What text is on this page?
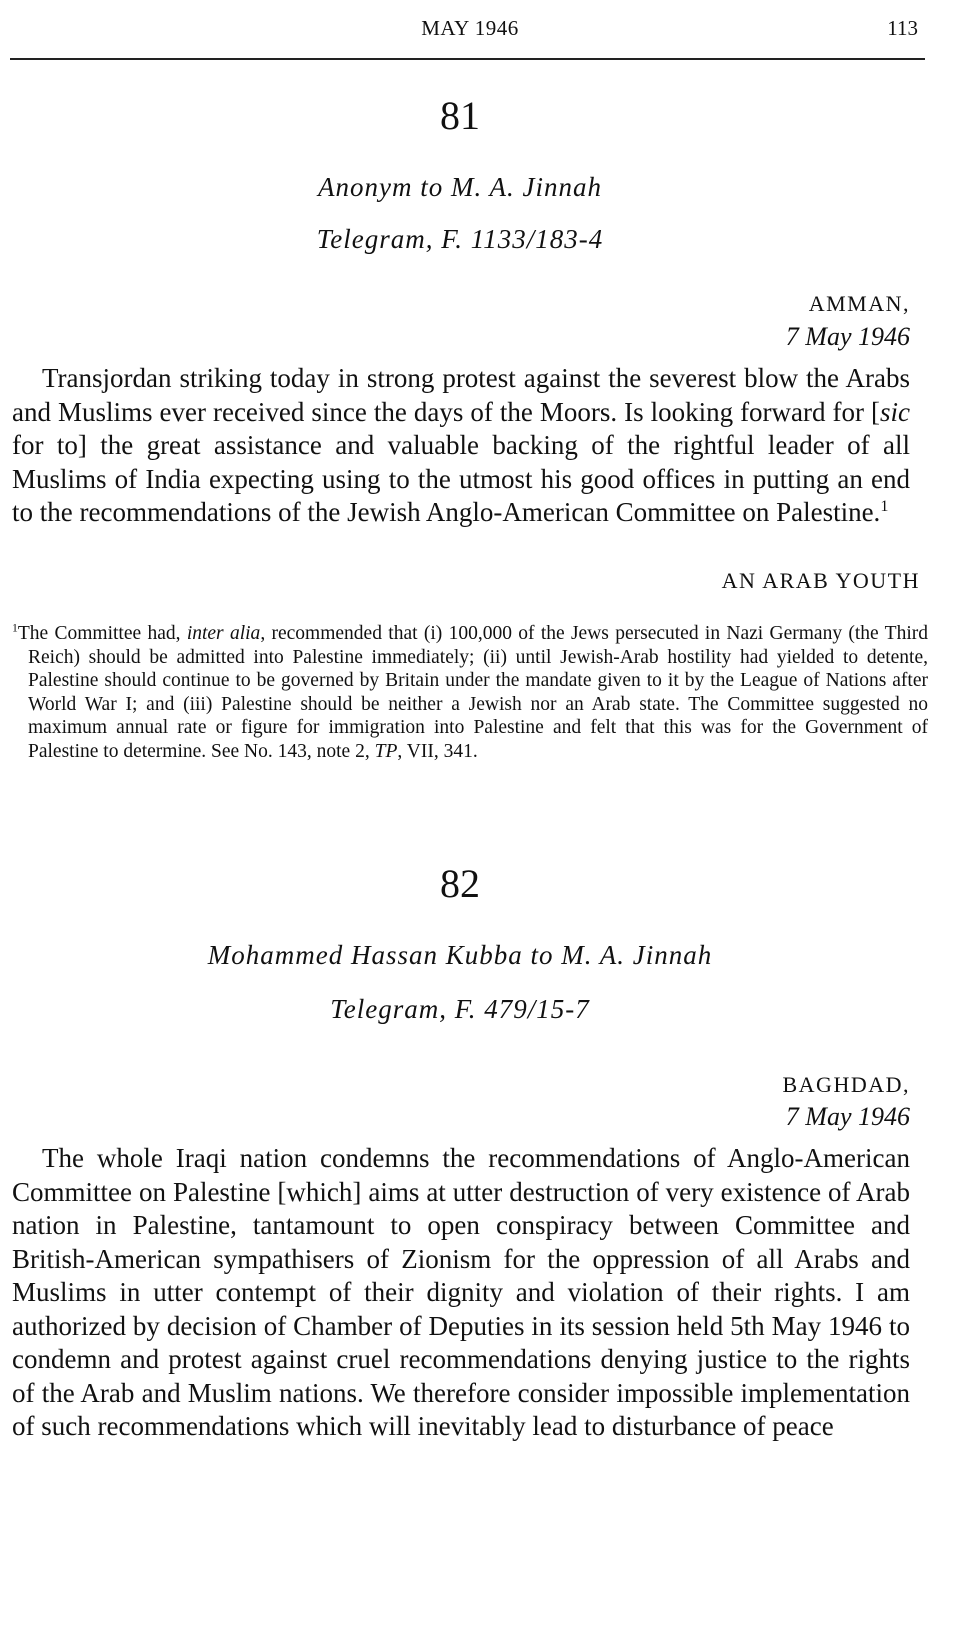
MAY 1946	113
81
Anonym to M. A. Jinnah
Telegram, F. 1133/183-4
AMMAN,
7 May 1946
Transjordan striking today in strong protest against the severest blow the Arabs and Muslims ever received since the days of the Moors. Is looking forward for [sic for to] the great assistance and valuable backing of the rightful leader of all Muslims of India expecting using to the utmost his good offices in putting an end to the recommendations of the Jewish Anglo-American Committee on Palestine.$^1$
AN ARAB YOUTH
$^1$The Committee had, inter alia, recommended that (i) 100,000 of the Jews persecuted in Nazi Germany (the Third Reich) should be admitted into Palestine immediately; (ii) until Jewish-Arab hostility had yielded to detente, Palestine should continue to be governed by Britain under the mandate given to it by the League of Nations after World War I; and (iii) Palestine should be neither a Jewish nor an Arab state. The Committee suggested no maximum annual rate or figure for immigration into Palestine and felt that this was for the Government of Palestine to determine. See No. 143, note 2, TP, VII, 341.
82
Mohammed Hassan Kubba to M. A. Jinnah
Telegram, F. 479/15-7
BAGHDAD,
7 May 1946
The whole Iraqi nation condemns the recommendations of Anglo-American Committee on Palestine [which] aims at utter destruction of very existence of Arab nation in Palestine, tantamount to open conspiracy between Committee and British-American sympathisers of Zionism for the oppression of all Arabs and Muslims in utter contempt of their dignity and violation of their rights. I am authorized by decision of Chamber of Deputies in its session held 5th May 1946 to condemn and protest against cruel recommendations denying justice to the rights of the Arab and Muslim nations. We therefore consider impossible implementation of such recommendations which will inevitably lead to disturbance of peace
